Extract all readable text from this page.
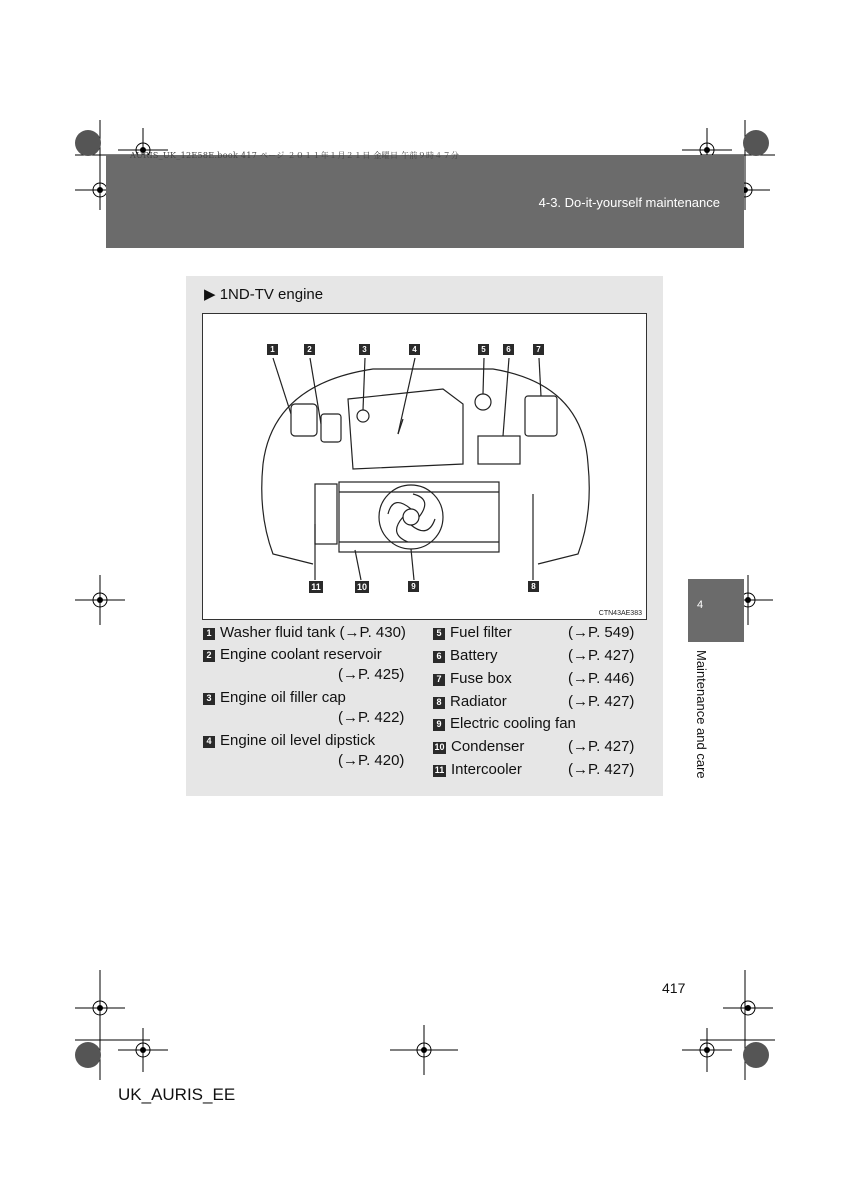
4-3. Do-it-yourself maintenance
AURIS_UK_12E58E.book 417 ページ ２０１１年１月２１日 金曜日 午前９時４７分
▶ 1ND-TV engine
1	2	3	4	5	6	7
11	10	9	8
CTN43AE383
1 Washer fluid tank (→P. 430)
2 Engine coolant reservoir
(→P. 425)
3 Engine oil filler cap
(→P. 422)
4 Engine oil level dipstick
(→P. 420)
5 Fuel filter	(→P. 549)
6 Battery	(→P. 427)
7 Fuse box	(→P. 446)
8 Radiator	(→P. 427)
9 Electric cooling fan
10 Condenser	(→P. 427)
11 Intercooler	(→P. 427)
4
Maintenance and care
417
UK_AURIS_EE
